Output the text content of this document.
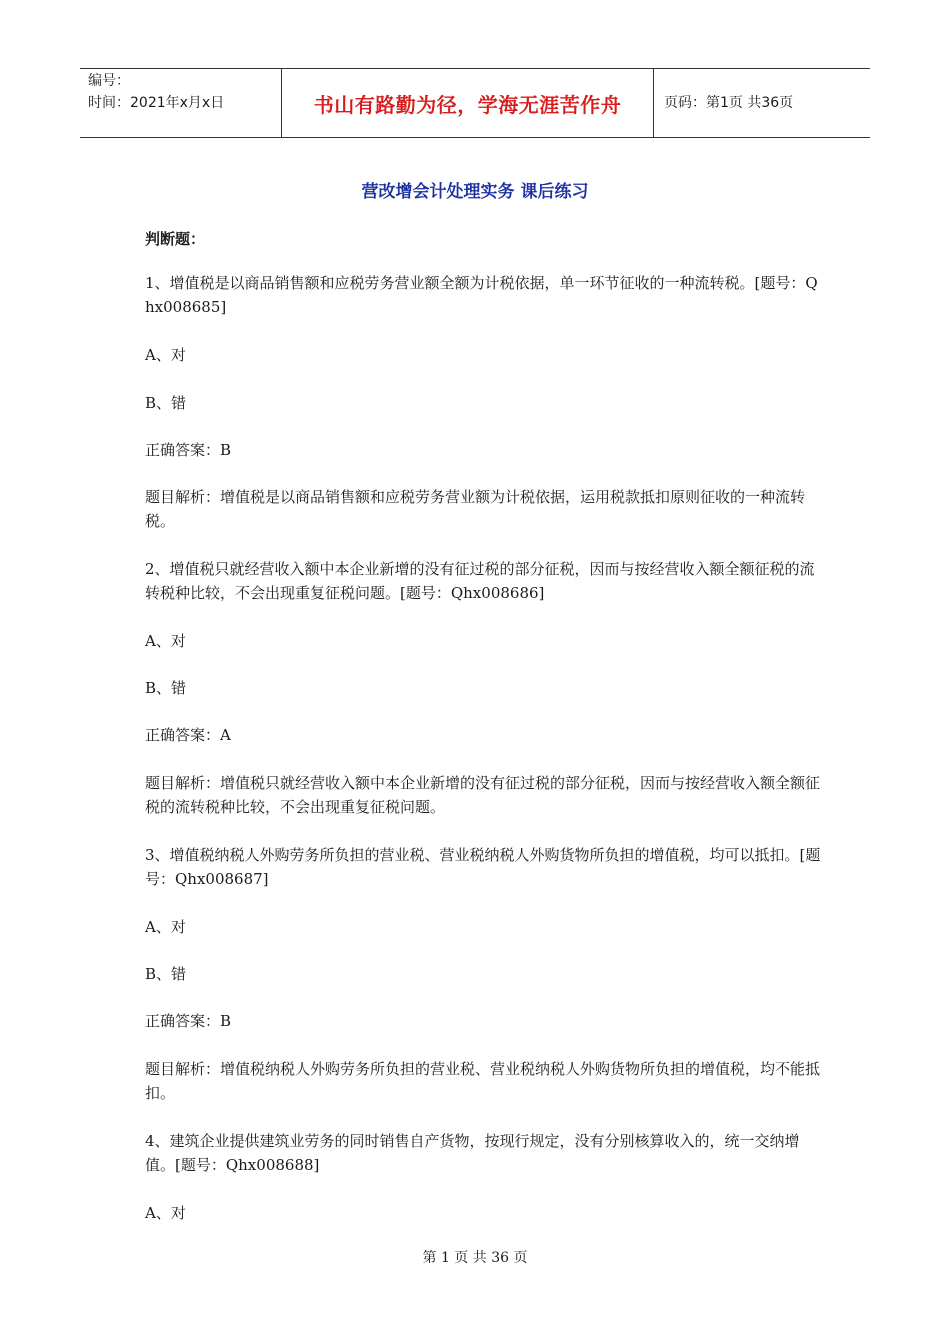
编号：
时间：2021年x月x日	书山有路勤为径，学海无涯苦作舟	页码：第1页 共36页
营改增会计处理实务 课后练习
判断题：
1、增值税是以商品销售额和应税劳务营业额全额为计税依据，单一环节征收的一种流转税。[题号：Qhx008685]
A、对
B、错
正确答案：B
题目解析：增值税是以商品销售额和应税劳务营业额为计税依据，运用税款抵扣原则征收的一种流转税。
2、增值税只就经营收入额中本企业新增的没有征过税的部分征税，因而与按经营收入额全额征税的流转税种比较，不会出现重复征税问题。[题号：Qhx008686]
A、对
B、错
正确答案：A
题目解析：增值税只就经营收入额中本企业新增的没有征过税的部分征税，因而与按经营收入额全额征税的流转税种比较，不会出现重复征税问题。
3、增值税纳税人外购劳务所负担的营业税、营业税纳税人外购货物所负担的增值税，均可以抵扣。[题号：Qhx008687]
A、对
B、错
正确答案：B
题目解析：增值税纳税人外购劳务所负担的营业税、营业税纳税人外购货物所负担的增值税，均不能抵扣。
4、建筑企业提供建筑业劳务的同时销售自产货物，按现行规定，没有分别核算收入的，统一交纳增值。[题号：Qhx008688]
A、对
第 1 页 共 36 页
